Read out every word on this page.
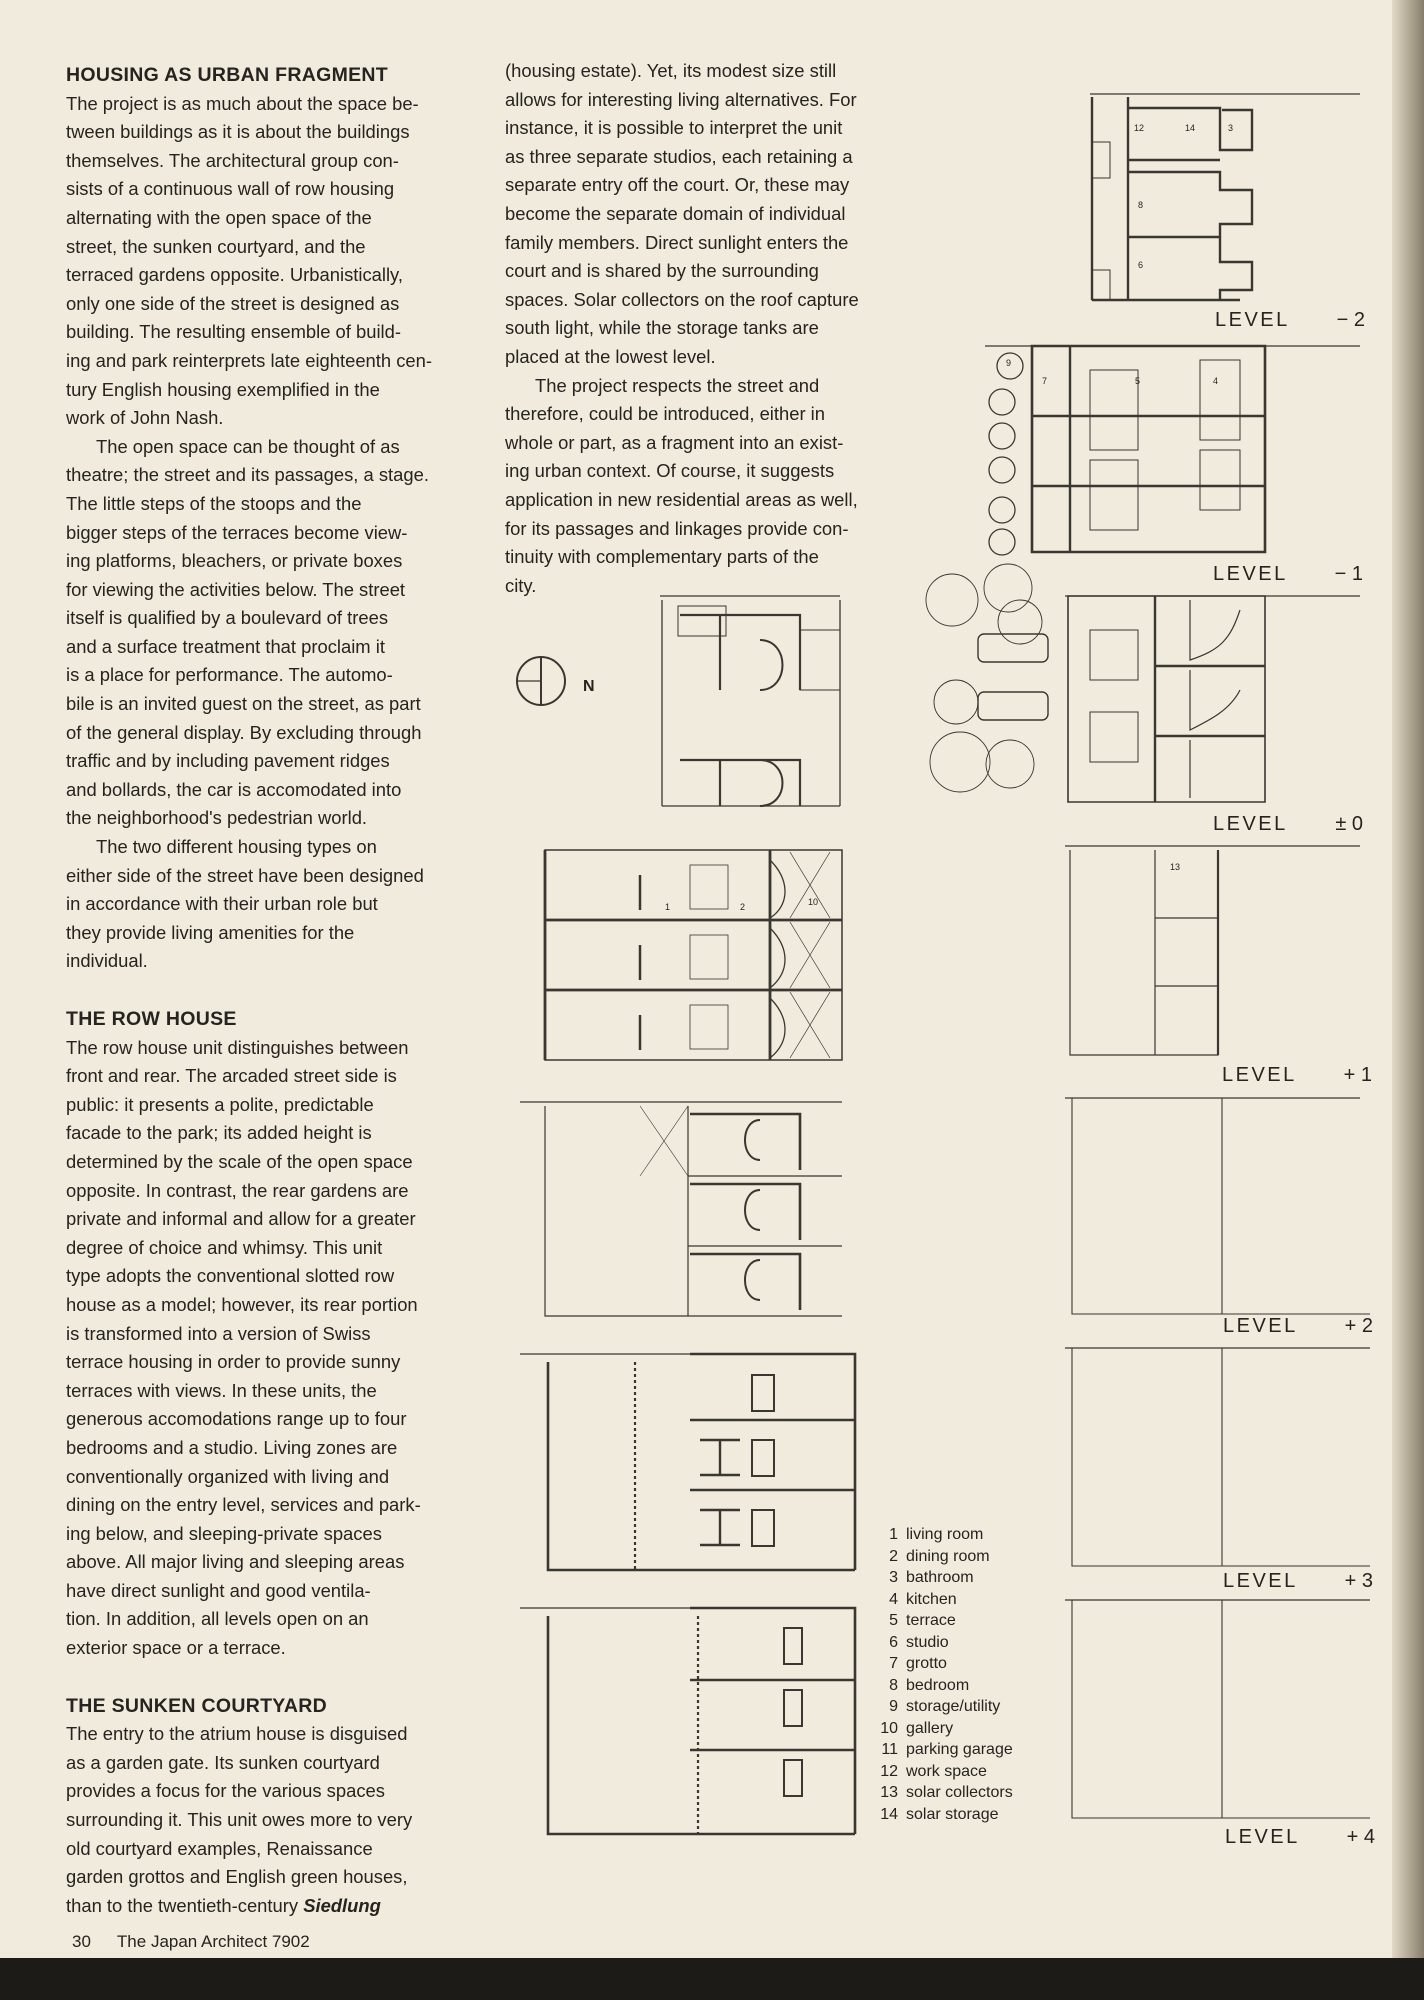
HOUSING AS URBAN FRAGMENT

The project is as much about the space be-

tween buildings as it is about the buildings

themselves. The architectural group con-

sists of a continuous wall of row housing

alternating with the open space of the

street, the sunken courtyard, and the

terraced gardens opposite. Urbanistically,

only one side of the street is designed as

building. The resulting ensemble of build-

ing and park reinterprets late eighteenth cen-

tury English housing exemplified in the

work of John Nash.

The open space can be thought of as

theatre; the street and its passages, a stage.

The little steps of the stoops and the

bigger steps of the terraces become view-

ing platforms, bleachers, or private boxes

for viewing the activities below. The street

itself is qualified by a boulevard of trees

and a surface treatment that proclaim it

is a place for performance. The automo-

bile is an invited guest on the street, as part

of the general display. By excluding through

traffic and by including pavement ridges

and bollards, the car is accomodated into

the neighborhood's pedestrian world.

The two different housing types on

either side of the street have been designed

in accordance with their urban role but

they provide living amenities for the

individual.

THE ROW HOUSE

The row house unit distinguishes between

front and rear. The arcaded street side is

public: it presents a polite, predictable

facade to the park; its added height is

determined by the scale of the open space

opposite. In contrast, the rear gardens are

private and informal and allow for a greater

degree of choice and whimsy. This unit

type adopts the conventional slotted row

house as a model; however, its rear portion

is transformed into a version of Swiss

terrace housing in order to provide sunny

terraces with views. In these units, the

generous accomodations range up to four

bedrooms and a studio. Living zones are

conventionally organized with living and

dining on the entry level, services and park-

ing below, and sleeping-private spaces

above. All major living and sleeping areas

have direct sunlight and good ventila-

tion. In addition, all levels open on an

exterior space or a terrace.

THE SUNKEN COURTYARD

The entry to the atrium house is disguised

as a garden gate. Its sunken courtyard

provides a focus for the various spaces

surrounding it. This unit owes more to very

old courtyard examples, Renaissance

garden grottos and English green houses,

than to the twentieth-century Siedlung

(housing estate). Yet, its modest size still

allows for interesting living alternatives. For

instance, it is possible to interpret the unit

as three separate studios, each retaining a

separate entry off the court. Or, these may

become the separate domain of individual

family members. Direct sunlight enters the

court and is shared by the surrounding

spaces. Solar collectors on the roof capture

south light, while the storage tanks are

placed at the lowest level.

The project respects the street and

therefore, could be introduced, either in

whole or part, as a fragment into an exist-

ing urban context. Of course, it suggests

application in new residential areas as well,

for its passages and linkages provide con-

tinuity with complementary parts of the

city.

12	14	3
8
6
9
7	5	4
1	2	10
13
N
LEVEL − 2
LEVEL − 1
LEVEL ± 0
LEVEL + 1
LEVEL + 2
LEVEL + 3
LEVEL + 4
1 living room
2 dining room
3 bathroom
4 kitchen
5 terrace
6 studio
7 grotto
8 bedroom
9 storage/utility
10 gallery
11 parking garage
12 work space
13 solar collectors
14 solar storage
30 The Japan Architect 7902
